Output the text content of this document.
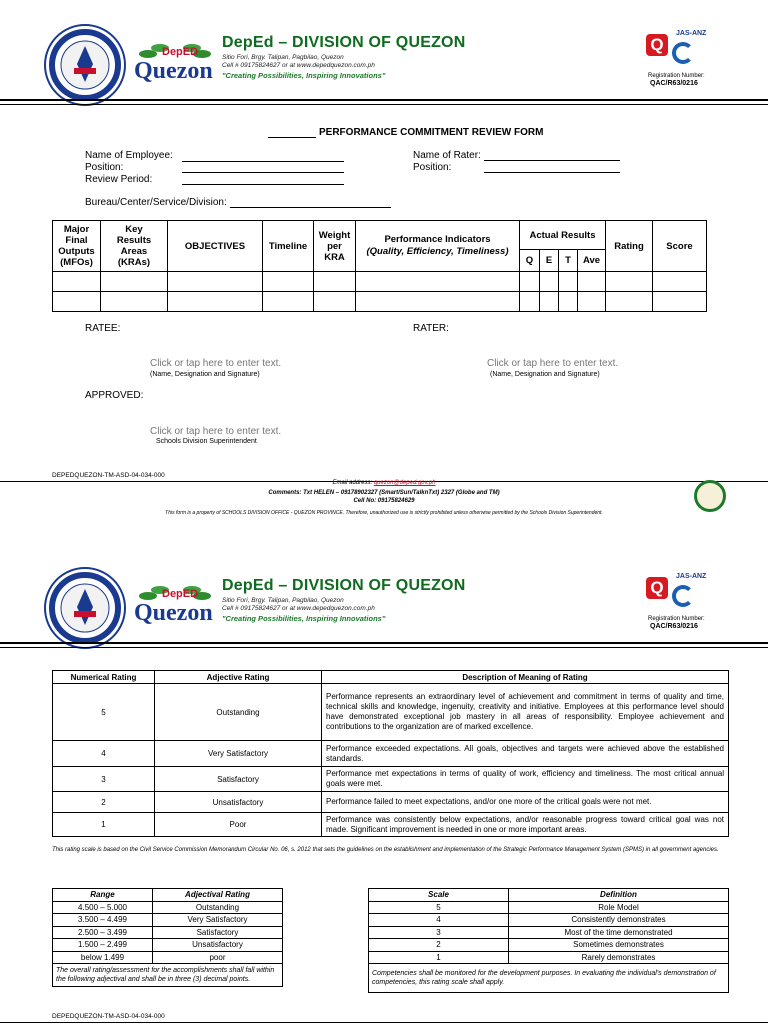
DepED
Quezon
DepEd – DIVISION OF QUEZON
Sitio Fori, Brgy. Talipan, Pagbilao, Quezon
Cell # 09175824627 or at www.depedquezon.com.ph
"Creating Possibilities, Inspiring Innovations"
Q
JAS-ANZ
Registration Number:
QAC/R63/0216
PERFORMANCE COMMITMENT REVIEW FORM
Name of Employee:
Position:
Review Period:
Name of Rater:
Position:
Bureau/Center/Service/Division:
Major
Final
Outputs
(MFOs)	Key
Results
Areas
(KRAs)	OBJECTIVES	Timeline	Weight
per
KRA	Performance Indicators
(Quality, Efficiency, Timeliness)	Actual Results				Rating	Score
						Q	E	T	Ave		

RATEE:	RATER:
Click or tap here to enter text.
(Name, Designation and Signature)
Click or tap here to enter text.
(Name, Designation and Signature)
APPROVED:
Click or tap here to enter text.
Schools Division Superintendent
DEPEDQUEZON-TM-ASD-04-034-000
Email address: quezon@deped.gov.ph
Comments: Txt HELEN – 09178902327 (Smart/Sun/TalknTxt) 2327 (Globe and TM)
Cell No: 09175824629
This form is a property of SCHOOLS DIVISION OFFICE - QUEZON PROVINCE. Therefore, unauthorized use is strictly prohibited unless otherwise permitted by the Schools Division Superintendent.
DepED
Quezon
DepEd – DIVISION OF QUEZON
Sitio Fori, Brgy. Talipan, Pagbilao, Quezon
Cell # 09175824627 or at www.depedquezon.com.ph
"Creating Possibilities, Inspiring Innovations"
Q
JAS-ANZ
Registration Number:
QAC/R63/0216
Numerical Rating	Adjective Rating	Description of Meaning of Rating
5	Outstanding	Performance represents an extraordinary level of achievement and commitment in terms of quality and time, technical skills and knowledge, ingenuity, creativity and initiative. Employees at this performance level should have demonstrated exceptional job mastery in all areas of responsibility. Employee achievement and contributions to the organization are of marked excellence.
4	Very Satisfactory	Performance exceeded expectations. All goals, objectives and targets were achieved above the established standards.
3	Satisfactory	Performance met expectations in terms of quality of work, efficiency and timeliness. The most critical annual goals were met.
2	Unsatisfactory	Performance failed to meet expectations, and/or one more of the critical goals were not met.
1	Poor	Performance was consistently below expectations, and/or reasonable progress toward critical goal was not made. Significant improvement is needed in one or more important areas.
This rating scale is based on the Civil Service Commission Memorandum Circular No. 06, s. 2012 that sets the guidelines on the establishment and implementation of the Strategic Performance Management System (SPMS) in all government agencies.
Range	Adjectival Rating
4.500 – 5.000	Outstanding
3.500 – 4.499	Very Satisfactory
2.500 – 3.499	Satisfactory
1.500 – 2.499	Unsatisfactory
below 1.499	poor
The overall rating/assessment for the accomplishments shall fall within the following adjectival and shall be in three (3) decimal points.	
Scale	Definition
5	Role Model
4	Consistently demonstrates
3	Most of the time demonstrated
2	Sometimes demonstrates
1	Rarely demonstrates
Competencies shall be monitored for the development purposes. In evaluating the individual's demonstration of competencies, this rating scale shall apply.	
DEPEDQUEZON-TM-ASD-04-034-000
